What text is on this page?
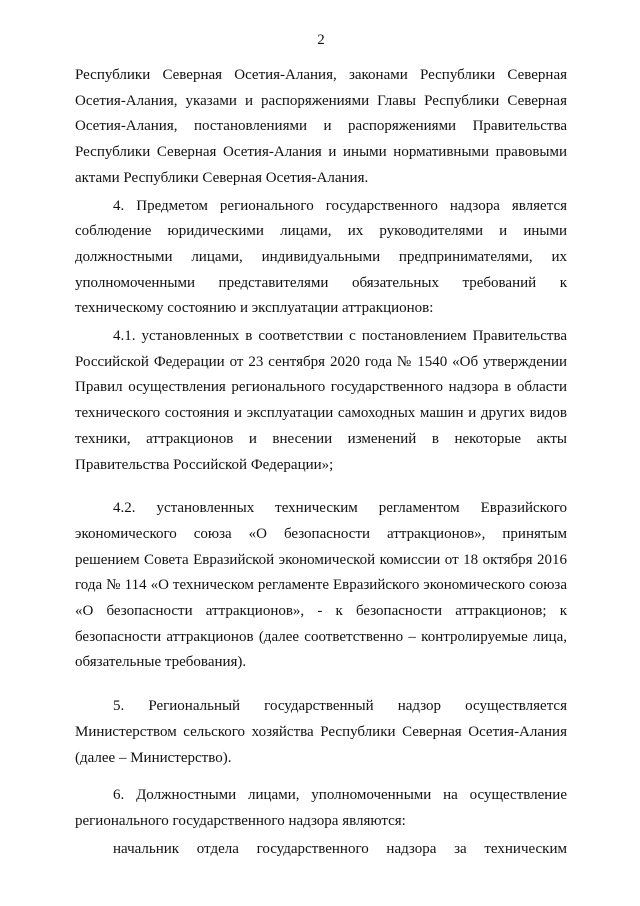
2

Республики Северная Осетия-Алания, законами Республики Северная Осетия-Алания, указами и распоряжениями Главы Республики Северная Осетия-Алания, постановлениями и распоряжениями Правительства Республики Северная Осетия-Алания и иными нормативными правовыми актами Республики Северная Осетия-Алания.

4. Предметом регионального государственного надзора является соблюдение юридическими лицами, их руководителями и иными должностными лицами, индивидуальными предпринимателями, их уполномоченными представителями обязательных требований к техническому состоянию и эксплуатации аттракционов:

4.1. установленных в соответствии с постановлением Правительства Российской Федерации от 23 сентября 2020 года № 1540 «Об утверждении Правил осуществления регионального государственного надзора в области технического состояния и эксплуатации самоходных машин и других видов техники, аттракционов и внесении изменений в некоторые акты Правительства Российской Федерации»;

4.2. установленных техническим регламентом Евразийского экономического союза «О безопасности аттракционов», принятым решением Совета Евразийской экономической комиссии от 18 октября 2016 года № 114 «О техническом регламенте Евразийского экономического союза «О безопасности аттракционов», - к безопасности аттракционов; к безопасности аттракционов (далее соответственно – контролируемые лица, обязательные требования).

5. Региональный государственный надзор осуществляется Министерством сельского хозяйства Республики Северная Осетия-Алания (далее – Министерство).

6. Должностными лицами, уполномоченными на осуществление регионального государственного надзора являются:

начальник отдела государственного надзора за техническим
